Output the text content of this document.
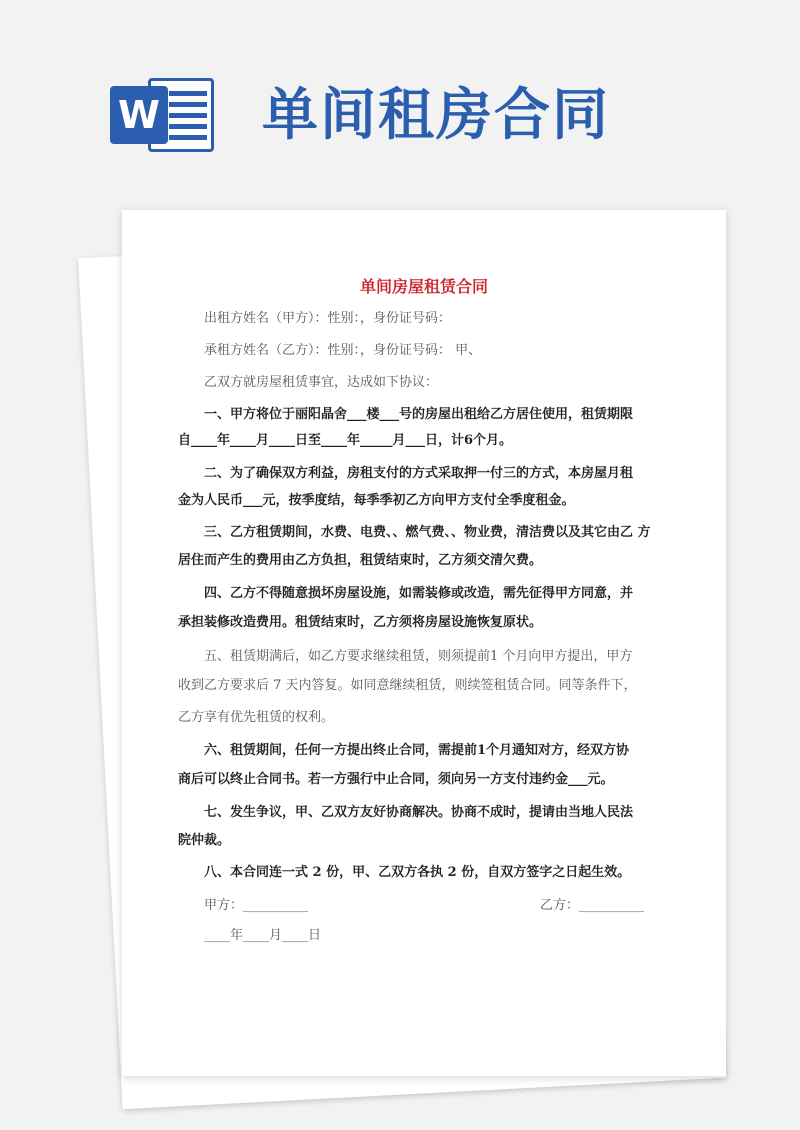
W 单间租房合同
单间房屋租赁合同
出租方姓名（甲方）：性别：，身份证号码：
承租方姓名（乙方）：性别：，身份证号码： 甲、
乙双方就房屋租赁事宜，达成如下协议：
一、甲方将位于丽阳晶舍___楼___号的房屋出租给乙方居住使用，租赁期限
自____年____月____日至____年_____月___日，计6个月。
二、为了确保双方利益，房租支付的方式采取押一付三的方式，本房屋月租
金为人民币___元，按季度结，每季季初乙方向甲方支付全季度租金。
三、乙方租赁期间，水费、电费、、燃气费、、物业费，清洁费以及其它由乙 方
居住而产生的费用由乙方负担，租赁结束时，乙方须交清欠费。
四、乙方不得随意损坏房屋设施，如需装修或改造，需先征得甲方同意，并
承担装修改造费用。租赁结束时，乙方须将房屋设施恢复原状。
五、租赁期满后，如乙方要求继续租赁，则须提前1 个月向甲方提出，甲方
收到乙方要求后 7 天内答复。如同意继续租赁，则续签租赁合同。同等条件下，
乙方享有优先租赁的权利。
六、租赁期间，任何一方提出终止合同，需提前1个月通知对方，经双方协
商后可以终止合同书。若一方强行中止合同，须向另一方支付违约金___元。
七、发生争议，甲、乙双方友好协商解决。协商不成时，提请由当地人民法
院仲裁。
八、本合同连一式 2 份，甲、乙双方各执 2 份，自双方签字之日起生效。
甲方：__________	乙方：__________
____年____月____日
